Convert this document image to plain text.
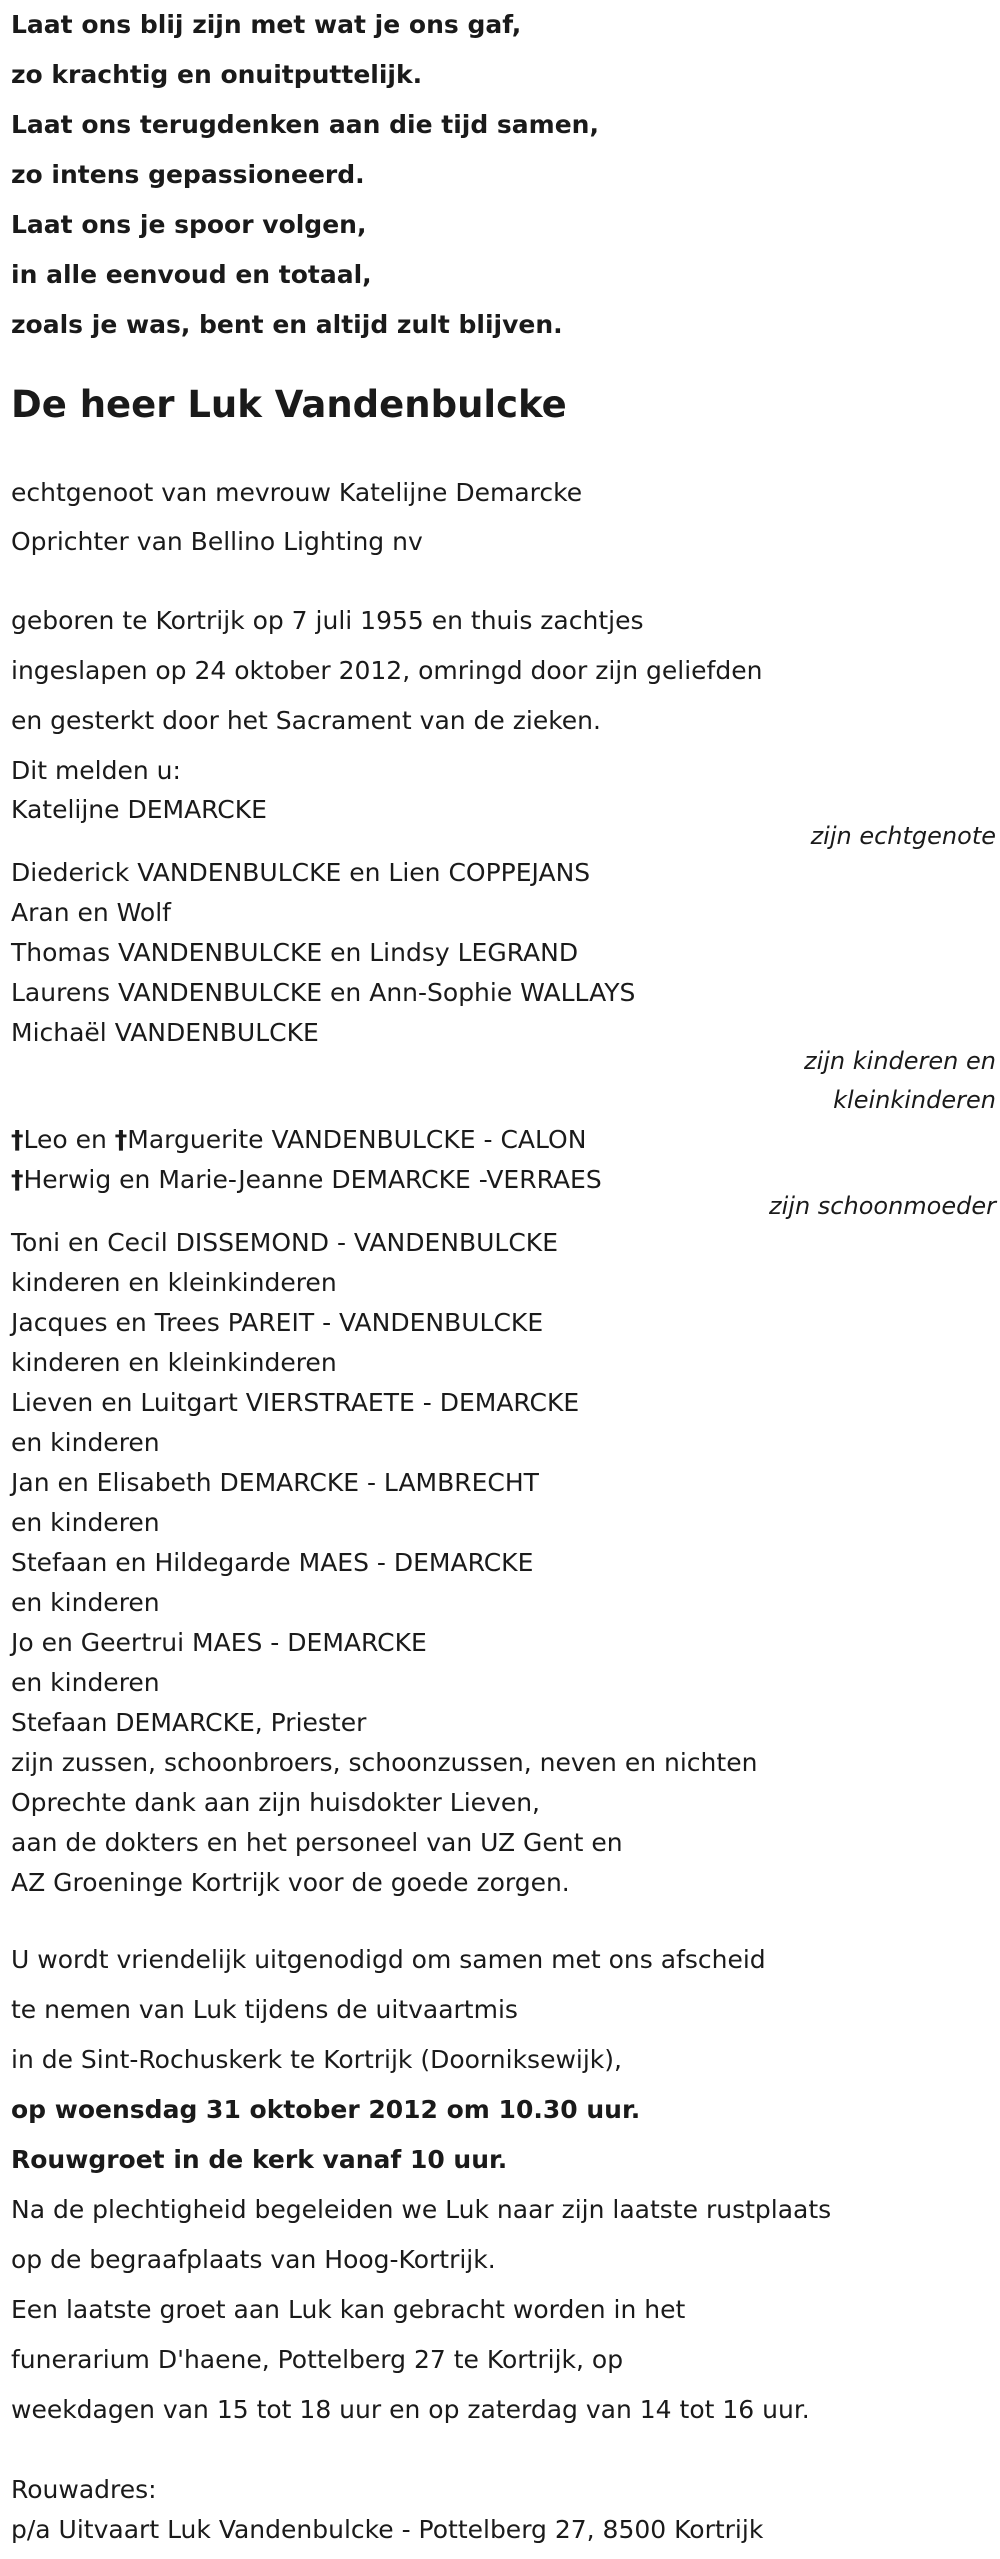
Laat ons blij zijn met wat je ons gaf,
zo krachtig en onuitputtelijk.
Laat ons terugdenken aan die tijd samen,
zo intens gepassioneerd.
Laat ons je spoor volgen,
in alle eenvoud en totaal,
zoals je was, bent en altijd zult blijven.
De heer Luk Vandenbulcke
echtgenoot van mevrouw Katelijne Demarcke
Oprichter van Bellino Lighting nv
geboren te Kortrijk op 7 juli 1955 en thuis zachtjes
ingeslapen op 24 oktober 2012, omringd door zijn geliefden
en gesterkt door het Sacrament van de zieken.
Dit melden u:
Katelijne DEMARCKE
zijn echtgenote
Diederick VANDENBULCKE en Lien COPPEJANS
Aran en Wolf
Thomas VANDENBULCKE en Lindsy LEGRAND
Laurens VANDENBULCKE en Ann-Sophie WALLAYS
Michaël VANDENBULCKE
zijn kinderen en
kleinkinderen
†Leo en †Marguerite VANDENBULCKE - CALON
†Herwig en Marie-Jeanne DEMARCKE -VERRAES
zijn schoonmoeder
Toni en Cecil DISSEMOND - VANDENBULCKE
kinderen en kleinkinderen
Jacques en Trees PAREIT - VANDENBULCKE
kinderen en kleinkinderen
Lieven en Luitgart VIERSTRAETE - DEMARCKE
en kinderen
Jan en Elisabeth DEMARCKE - LAMBRECHT
en kinderen
Stefaan en Hildegarde MAES - DEMARCKE
en kinderen
Jo en Geertrui MAES - DEMARCKE
en kinderen
Stefaan DEMARCKE, Priester
zijn zussen, schoonbroers, schoonzussen, neven en nichten
Oprechte dank aan zijn huisdokter Lieven,
aan de dokters en het personeel van UZ Gent en
AZ Groeninge Kortrijk voor de goede zorgen.
U wordt vriendelijk uitgenodigd om samen met ons afscheid
te nemen van Luk tijdens de uitvaartmis
in de Sint-Rochuskerk te Kortrijk (Doorniksewijk),
op woensdag 31 oktober 2012 om 10.30 uur.
Rouwgroet in de kerk vanaf 10 uur.
Na de plechtigheid begeleiden we Luk naar zijn laatste rustplaats
op de begraafplaats van Hoog-Kortrijk.
Een laatste groet aan Luk kan gebracht worden in het
funerarium D'haene, Pottelberg 27 te Kortrijk, op
weekdagen van 15 tot 18 uur en op zaterdag van 14 tot 16 uur.
Rouwadres:
p/a Uitvaart Luk Vandenbulcke - Pottelberg 27, 8500 Kortrijk
